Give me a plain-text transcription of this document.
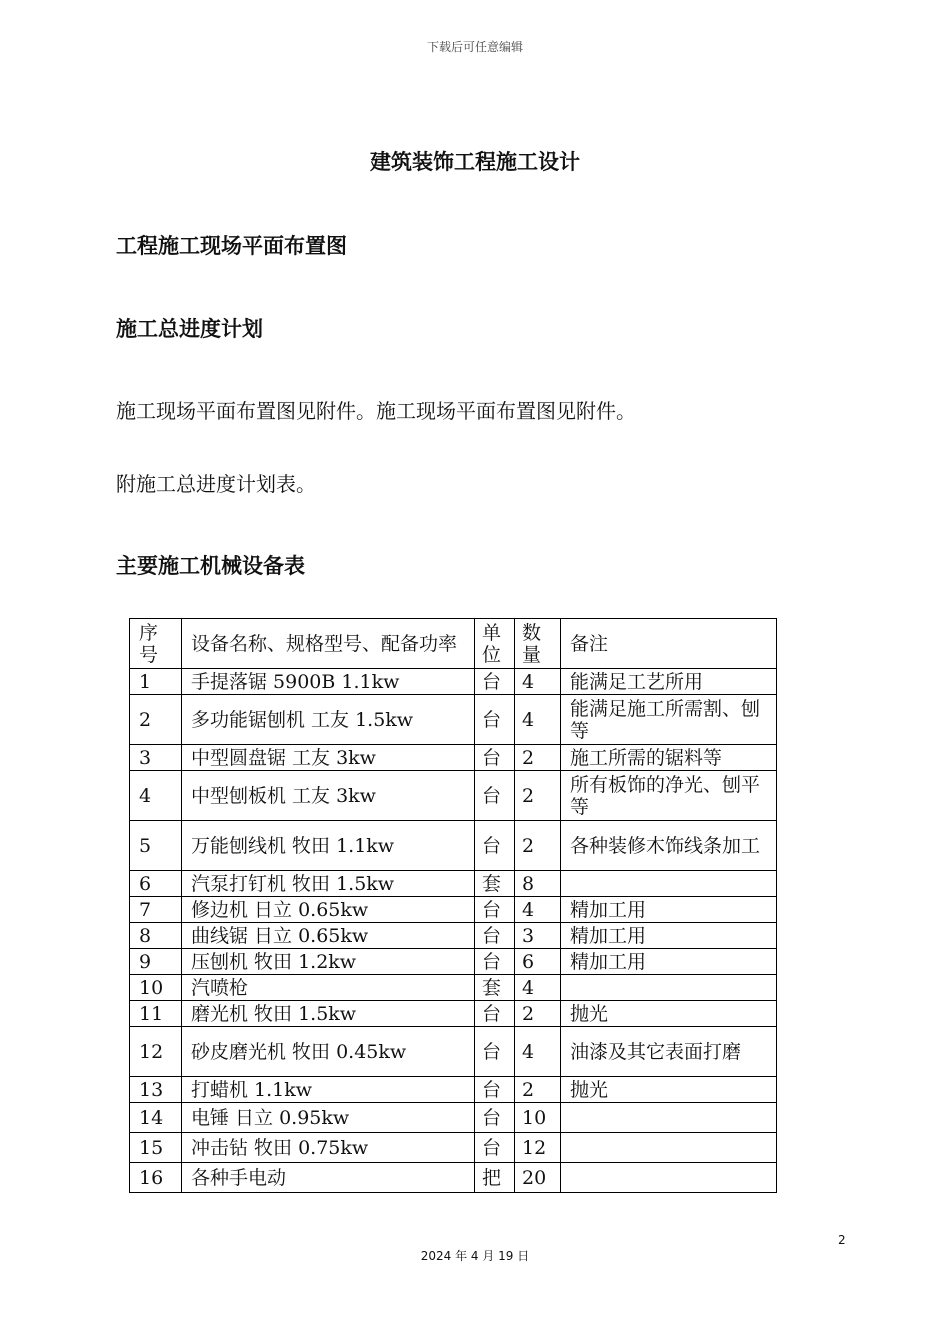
下载后可任意编辑
建筑装饰工程施工设计
工程施工现场平面布置图
施工总进度计划
施工现场平面布置图见附件。施工现场平面布置图见附件。
附施工总进度计划表。
主要施工机械设备表
序号	设备名称、规格型号、配备功率	单位	数量	备注
1	手提落锯 5900B 1.1kw	台	4	能满足工艺所用
2	多功能锯刨机 工友 1.5kw	台	4	能满足施工所需割、刨等
3	中型圆盘锯 工友 3kw	台	2	施工所需的锯料等
4	中型刨板机 工友 3kw	台	2	所有板饰的净光、刨平等
5	万能刨线机 牧田 1.1kw	台	2	各种装修木饰线条加工
6	汽泵打钉机 牧田 1.5kw	套	8	
7	修边机 日立 0.65kw	台	4	精加工用
8	曲线锯 日立 0.65kw	台	3	精加工用
9	压刨机 牧田 1.2kw	台	6	精加工用
10	汽喷枪	套	4	
11	磨光机 牧田 1.5kw	台	2	抛光
12	砂皮磨光机 牧田 0.45kw	台	4	油漆及其它表面打磨
13	打蜡机 1.1kw	台	2	抛光
14	电锤 日立 0.95kw	台	10	
15	冲击钻 牧田 0.75kw	台	12	
16	各种手电动	把	20	
2
2024 年 4 月 19 日
